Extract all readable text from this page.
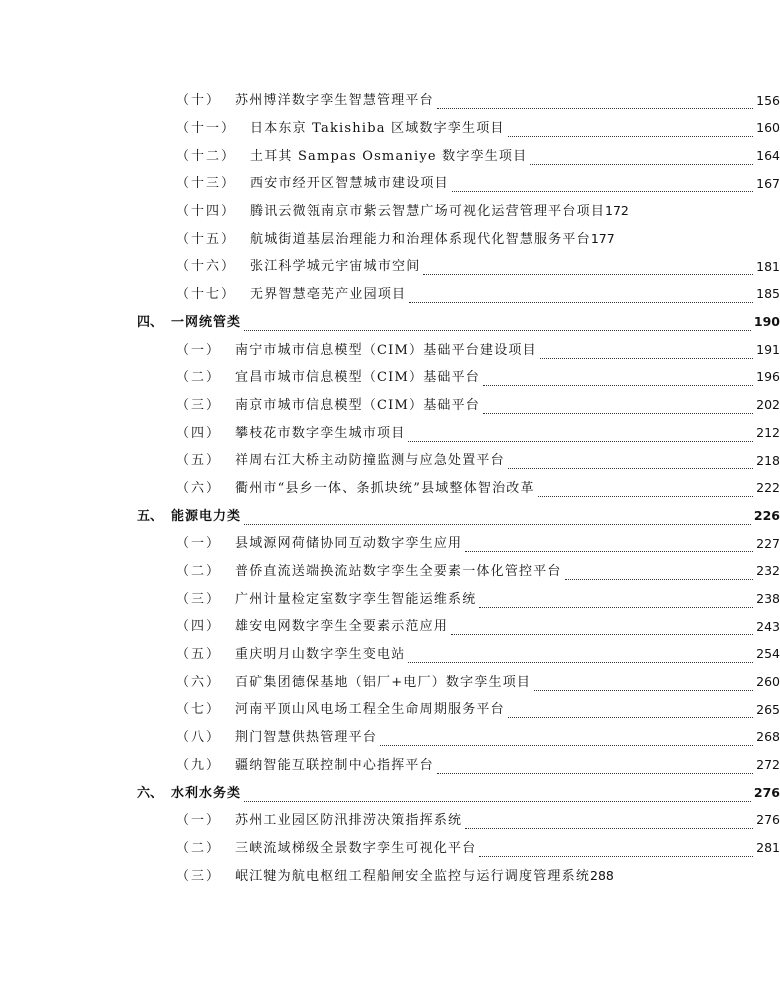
（十） 苏州博洋数字孪生智慧管理平台	156
（十一） 日本东京 Takishiba 区域数字孪生项目	160
（十二） 土耳其 Sampas Osmaniye 数字孪生项目	164
（十三） 西安市经开区智慧城市建设项目	167
（十四） 腾讯云微瓴南京市紫云智慧广场可视化运营管理平台项目 172
（十五） 航城街道基层治理能力和治理体系现代化智慧服务平台 177
（十六） 张江科学城元宇宙城市空间	181
（十七） 无界智慧亳芜产业园项目	185
四、 一网统管类	190
（一） 南宁市城市信息模型（CIM）基础平台建设项目	191
（二） 宜昌市城市信息模型（CIM）基础平台	196
（三） 南京市城市信息模型（CIM）基础平台	202
（四） 攀枝花市数字孪生城市项目	212
（五） 祥周右江大桥主动防撞监测与应急处置平台	218
（六） 衢州市“县乡一体、条抓块统”县域整体智治改革	222
五、 能源电力类	226
（一） 县域源网荷储协同互动数字孪生应用	227
（二） 普侨直流送端换流站数字孪生全要素一体化管控平台	232
（三） 广州计量检定室数字孪生智能运维系统	238
（四） 雄安电网数字孪生全要素示范应用	243
（五） 重庆明月山数字孪生变电站	254
（六） 百矿集团德保基地（铝厂+电厂）数字孪生项目	260
（七） 河南平顶山风电场工程全生命周期服务平台	265
（八） 荆门智慧供热管理平台	268
（九） 疆纳智能互联控制中心指挥平台	272
六、 水利水务类	276
（一） 苏州工业园区防汛排涝决策指挥系统	276
（二） 三峡流域梯级全景数字孪生可视化平台	281
（三） 岷江犍为航电枢纽工程船闸安全监控与运行调度管理系统 288
